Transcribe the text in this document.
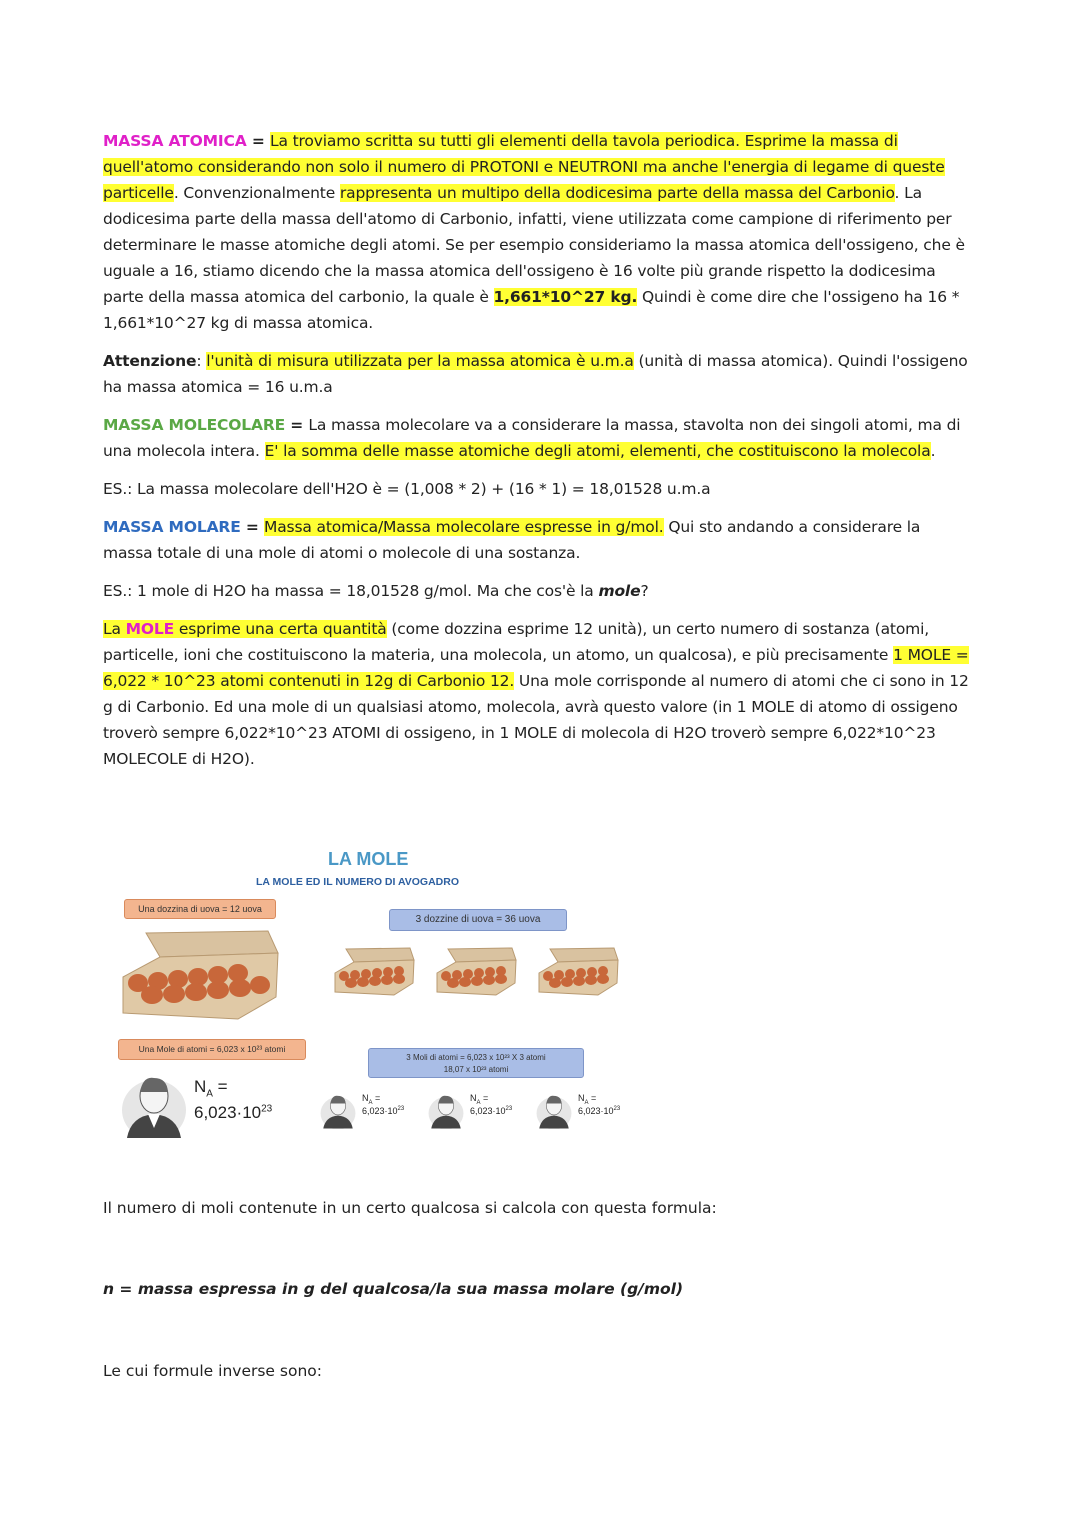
MASSA ATOMICA = La troviamo scritta su tutti gli elementi della tavola periodica. Esprime la massa di quell'atomo considerando non solo il numero di PROTONI e NEUTRONI ma anche l'energia di legame di queste particelle. Convenzionalmente rappresenta un multipo della dodicesima parte della massa del Carbonio. La dodicesima parte della massa dell'atomo di Carbonio, infatti, viene utilizzata come campione di riferimento per determinare le masse atomiche degli atomi. Se per esempio consideriamo la massa atomica dell'ossigeno, che è uguale a 16, stiamo dicendo che la massa atomica dell'ossigeno è 16 volte più grande rispetto la dodicesima parte della massa atomica del carbonio, la quale è 1,661*10^27 kg. Quindi è come dire che l'ossigeno ha 16 * 1,661*10^27 kg di massa atomica.

Attenzione: l'unità di misura utilizzata per la massa atomica è u.m.a (unità di massa atomica). Quindi l'ossigeno ha massa atomica = 16 u.m.a

MASSA MOLECOLARE = La massa molecolare va a considerare la massa, stavolta non dei singoli atomi, ma di una molecola intera. E' la somma delle masse atomiche degli atomi, elementi, che costituiscono la molecola.

ES.: La massa molecolare dell'H2O è = (1,008 * 2) + (16 * 1) = 18,01528 u.m.a

MASSA MOLARE = Massa atomica/Massa molecolare espresse in g/mol. Qui sto andando a considerare la massa totale di una mole di atomi o molecole di una sostanza.

ES.: 1 mole di H2O ha massa = 18,01528 g/mol. Ma che cos'è la mole?

La MOLE esprime una certa quantità (come dozzina esprime 12 unità), un certo numero di sostanza (atomi, particelle, ioni che costituiscono la materia, una molecola, un atomo, un qualcosa), e più precisamente 1 MOLE = 6,022 * 10^23 atomi contenuti in 12g di Carbonio 12. Una mole corrisponde al numero di atomi che ci sono in 12 g di Carbonio. Ed una mole di un qualsiasi atomo, molecola, avrà questo valore (in 1 MOLE di atomo di ossigeno troverò sempre 6,022*10^23 ATOMI di ossigeno, in 1 MOLE di molecola di H2O troverò sempre 6,022*10^23 MOLECOLE di H2O).

LA MOLE
LA MOLE ED IL NUMERO DI AVOGADRO
Una dozzina di uova = 12 uova
3 dozzine di uova = 36 uova
Una Mole di atomi = 6,023 x 10²³ atomi
3 Moli di atomi = 6,023 x 10²³ X 3 atomi
18,07 x 10²³ atomi
$N_A$ =
$6,023\cdot 10^{23}$
$N_A$ =
$6,023\cdot 10^{23}$
$N_A$ =
$6,023\cdot 10^{23}$
$N_A$ =
$6,023\cdot 10^{23}$
Il numero di moli contenute in un certo qualcosa si calcola con questa formula:
n = massa espressa in g del qualcosa/la sua massa molare (g/mol)
Le cui formule inverse sono:
